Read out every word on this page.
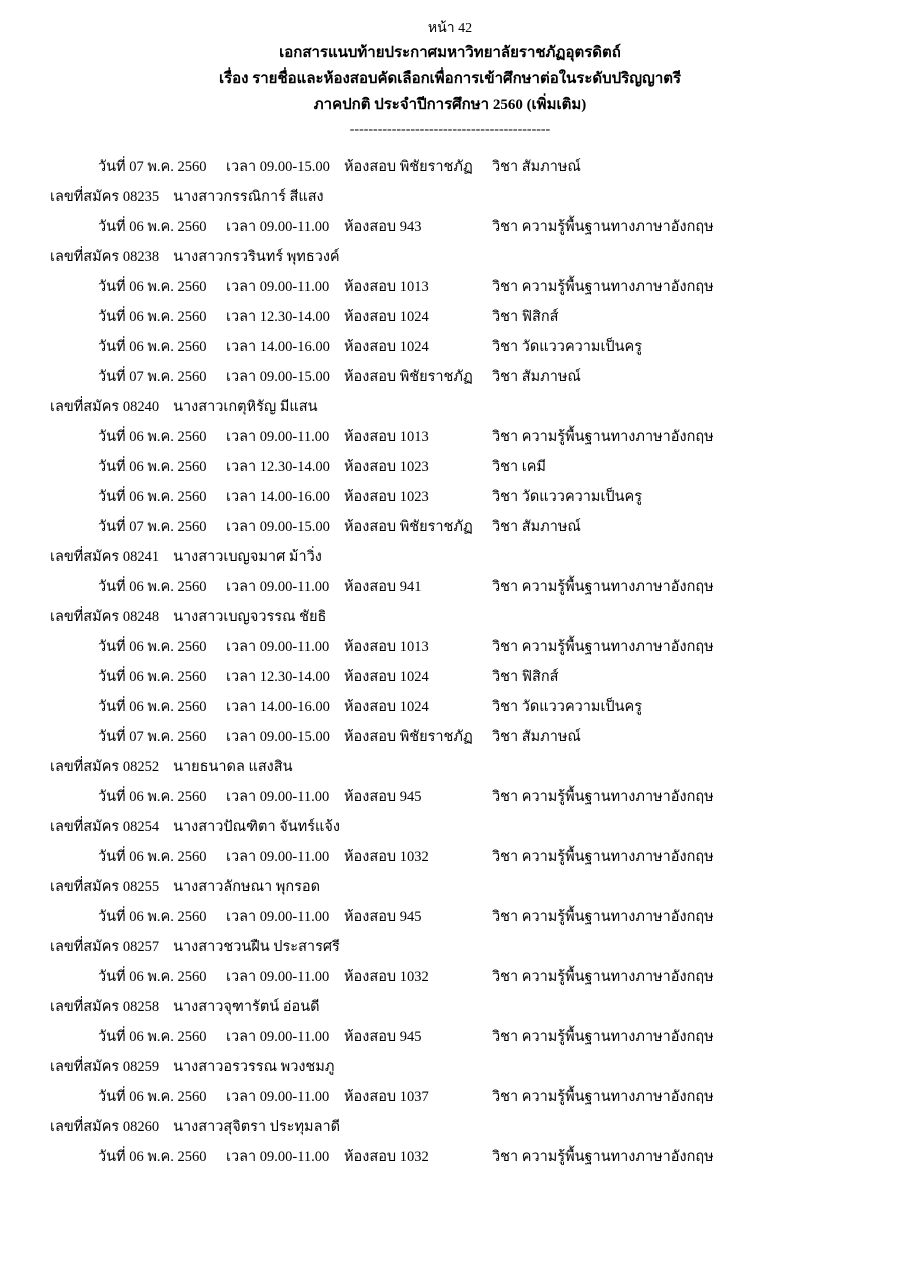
หน้า 42
เอกสารแนบท้ายประกาศมหาวิทยาลัยราชภัฏอุตรดิตถ์
เรื่อง รายชื่อและห้องสอบคัดเลือกเพื่อการเข้าศึกษาต่อในระดับปริญญาตรี
ภาคปกติ ประจำปีการศึกษา 2560 (เพิ่มเติม)
-------------------------------------------
วันที่ 07 พ.ค. 2560	เวลา 09.00-15.00 ห้องสอบ พิชัยราชภัฏ	วิชา สัมภาษณ์
เลขที่สมัคร 08235 นางสาวกรรณิการ์ สีแสง
วันที่ 06 พ.ค. 2560	เวลา 09.00-11.00	ห้องสอบ 943	วิชา ความรู้พื้นฐานทางภาษาอังกฤษ
เลขที่สมัคร 08238 นางสาวกรวรินทร์ พุทธวงค์
วันที่ 06 พ.ค. 2560	เวลา 09.00-11.00	ห้องสอบ 1013	วิชา ความรู้พื้นฐานทางภาษาอังกฤษ
วันที่ 06 พ.ค. 2560	เวลา 12.30-14.00 ห้องสอบ 1024	วิชา ฟิสิกส์
วันที่ 06 พ.ค. 2560	เวลา 14.00-16.00 ห้องสอบ 1024	วิชา วัดแววความเป็นครู
วันที่ 07 พ.ค. 2560	เวลา 09.00-15.00 ห้องสอบ พิชัยราชภัฏ	วิชา สัมภาษณ์
เลขที่สมัคร 08240 นางสาวเกตุหิรัญ มีแสน
วันที่ 06 พ.ค. 2560	เวลา 09.00-11.00	ห้องสอบ 1013	วิชา ความรู้พื้นฐานทางภาษาอังกฤษ
วันที่ 06 พ.ค. 2560	เวลา 12.30-14.00 ห้องสอบ 1023	วิชา เคมี
วันที่ 06 พ.ค. 2560	เวลา 14.00-16.00 ห้องสอบ 1023	วิชา วัดแววความเป็นครู
วันที่ 07 พ.ค. 2560	เวลา 09.00-15.00 ห้องสอบ พิชัยราชภัฏ	วิชา สัมภาษณ์
เลขที่สมัคร 08241 นางสาวเบญจมาศ ม้าวิ่ง
วันที่ 06 พ.ค. 2560	เวลา 09.00-11.00	ห้องสอบ 941	วิชา ความรู้พื้นฐานทางภาษาอังกฤษ
เลขที่สมัคร 08248 นางสาวเบญจวรรณ ชัยธิ
วันที่ 06 พ.ค. 2560	เวลา 09.00-11.00	ห้องสอบ 1013	วิชา ความรู้พื้นฐานทางภาษาอังกฤษ
วันที่ 06 พ.ค. 2560	เวลา 12.30-14.00 ห้องสอบ 1024	วิชา ฟิสิกส์
วันที่ 06 พ.ค. 2560	เวลา 14.00-16.00 ห้องสอบ 1024	วิชา วัดแววความเป็นครู
วันที่ 07 พ.ค. 2560	เวลา 09.00-15.00 ห้องสอบ พิชัยราชภัฏ	วิชา สัมภาษณ์
เลขที่สมัคร 08252 นายธนาดล แสงสิน
วันที่ 06 พ.ค. 2560	เวลา 09.00-11.00	ห้องสอบ 945	วิชา ความรู้พื้นฐานทางภาษาอังกฤษ
เลขที่สมัคร 08254 นางสาวปัณฑิตา จันทร์แจ้ง
วันที่ 06 พ.ค. 2560	เวลา 09.00-11.00	ห้องสอบ 1032	วิชา ความรู้พื้นฐานทางภาษาอังกฤษ
เลขที่สมัคร 08255 นางสาวลักษณา พุกรอด
วันที่ 06 พ.ค. 2560	เวลา 09.00-11.00	ห้องสอบ 945	วิชา ความรู้พื้นฐานทางภาษาอังกฤษ
เลขที่สมัคร 08257 นางสาวชวนฝืน ประสารศรี
วันที่ 06 พ.ค. 2560	เวลา 09.00-11.00	ห้องสอบ 1032	วิชา ความรู้พื้นฐานทางภาษาอังกฤษ
เลขที่สมัคร 08258 นางสาวจุฑารัตน์ อ่อนดี
วันที่ 06 พ.ค. 2560	เวลา 09.00-11.00	ห้องสอบ 945	วิชา ความรู้พื้นฐานทางภาษาอังกฤษ
เลขที่สมัคร 08259 นางสาวอรวรรณ พวงชมภู
วันที่ 06 พ.ค. 2560	เวลา 09.00-11.00	ห้องสอบ 1037	วิชา ความรู้พื้นฐานทางภาษาอังกฤษ
เลขที่สมัคร 08260 นางสาวสุจิตรา ประทุมลาดี
วันที่ 06 พ.ค. 2560	เวลา 09.00-11.00	ห้องสอบ 1032	วิชา ความรู้พื้นฐานทางภาษาอังกฤษ
